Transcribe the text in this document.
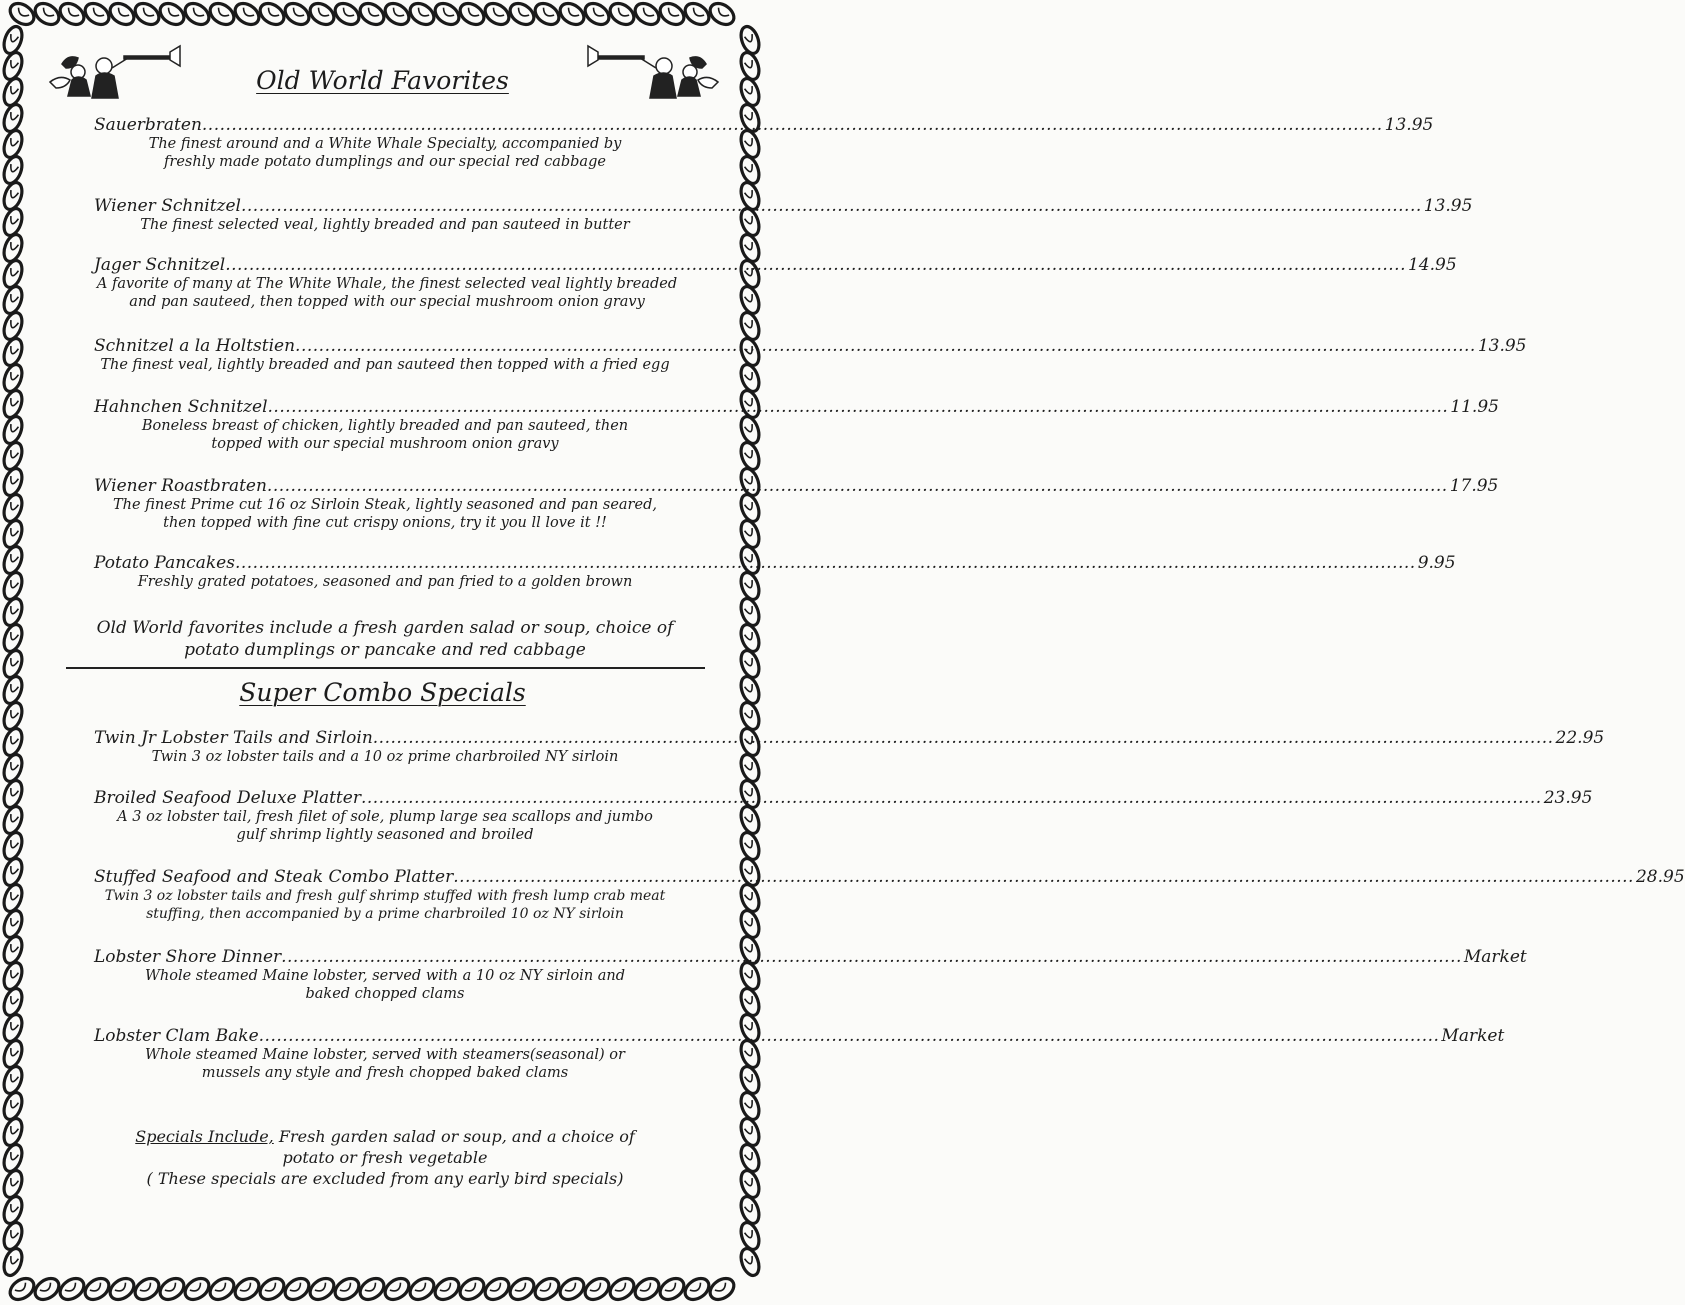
Old World Favorites
Sauerbraten ........................................................................................................................................................................................................ 13.95
The finest around and a White Whale Specialty, accompanied by
freshly made potato dumplings and our special red cabbage
Wiener Schnitzel ........................................................................................................................................................................................................ 13.95
The finest selected veal, lightly breaded and pan sauteed in butter
Jager Schnitzel ........................................................................................................................................................................................................ 14.95
A favorite of many at The White Whale, the finest selected veal lightly breaded
and pan sauteed, then topped with our special mushroom onion gravy
Schnitzel a la Holtstien ........................................................................................................................................................................................................ 13.95
The finest veal, lightly breaded and pan sauteed then topped with a fried egg
Hahnchen Schnitzel ........................................................................................................................................................................................................ 11.95
Boneless breast of chicken, lightly breaded and pan sauteed, then
topped with our special mushroom onion gravy
Wiener Roastbraten ........................................................................................................................................................................................................ 17.95
The finest Prime cut 16 oz Sirloin Steak, lightly seasoned and pan seared,
then topped with fine cut crispy onions, try it you ll love it !!
Potato Pancakes ........................................................................................................................................................................................................ 9.95
Freshly grated potatoes, seasoned and pan fried to a golden brown
Old World favorites include a fresh garden salad or soup, choice of
potato dumplings or pancake and red cabbage
Super Combo Specials
Twin Jr Lobster Tails and Sirloin ........................................................................................................................................................................................................ 22.95
Twin 3 oz lobster tails and a 10 oz prime charbroiled NY sirloin
Broiled Seafood Deluxe Platter ........................................................................................................................................................................................................ 23.95
A 3 oz lobster tail, fresh filet of sole, plump large sea scallops and jumbo
gulf shrimp lightly seasoned and broiled
Stuffed Seafood and Steak Combo Platter ........................................................................................................................................................................................................ 28.95
Twin 3 oz lobster tails and fresh gulf shrimp stuffed with fresh lump crab meat
stuffing, then accompanied by a prime charbroiled 10 oz NY sirloin
Lobster Shore Dinner ........................................................................................................................................................................................................ Market
Whole steamed Maine lobster, served with a 10 oz NY sirloin and
baked chopped clams
Lobster Clam Bake ........................................................................................................................................................................................................ Market
Whole steamed Maine lobster, served with steamers(seasonal) or
mussels any style and fresh chopped baked clams
Specials Include, Fresh garden salad or soup, and a choice of
potato or fresh vegetable
( These specials are excluded from any early bird specials)
